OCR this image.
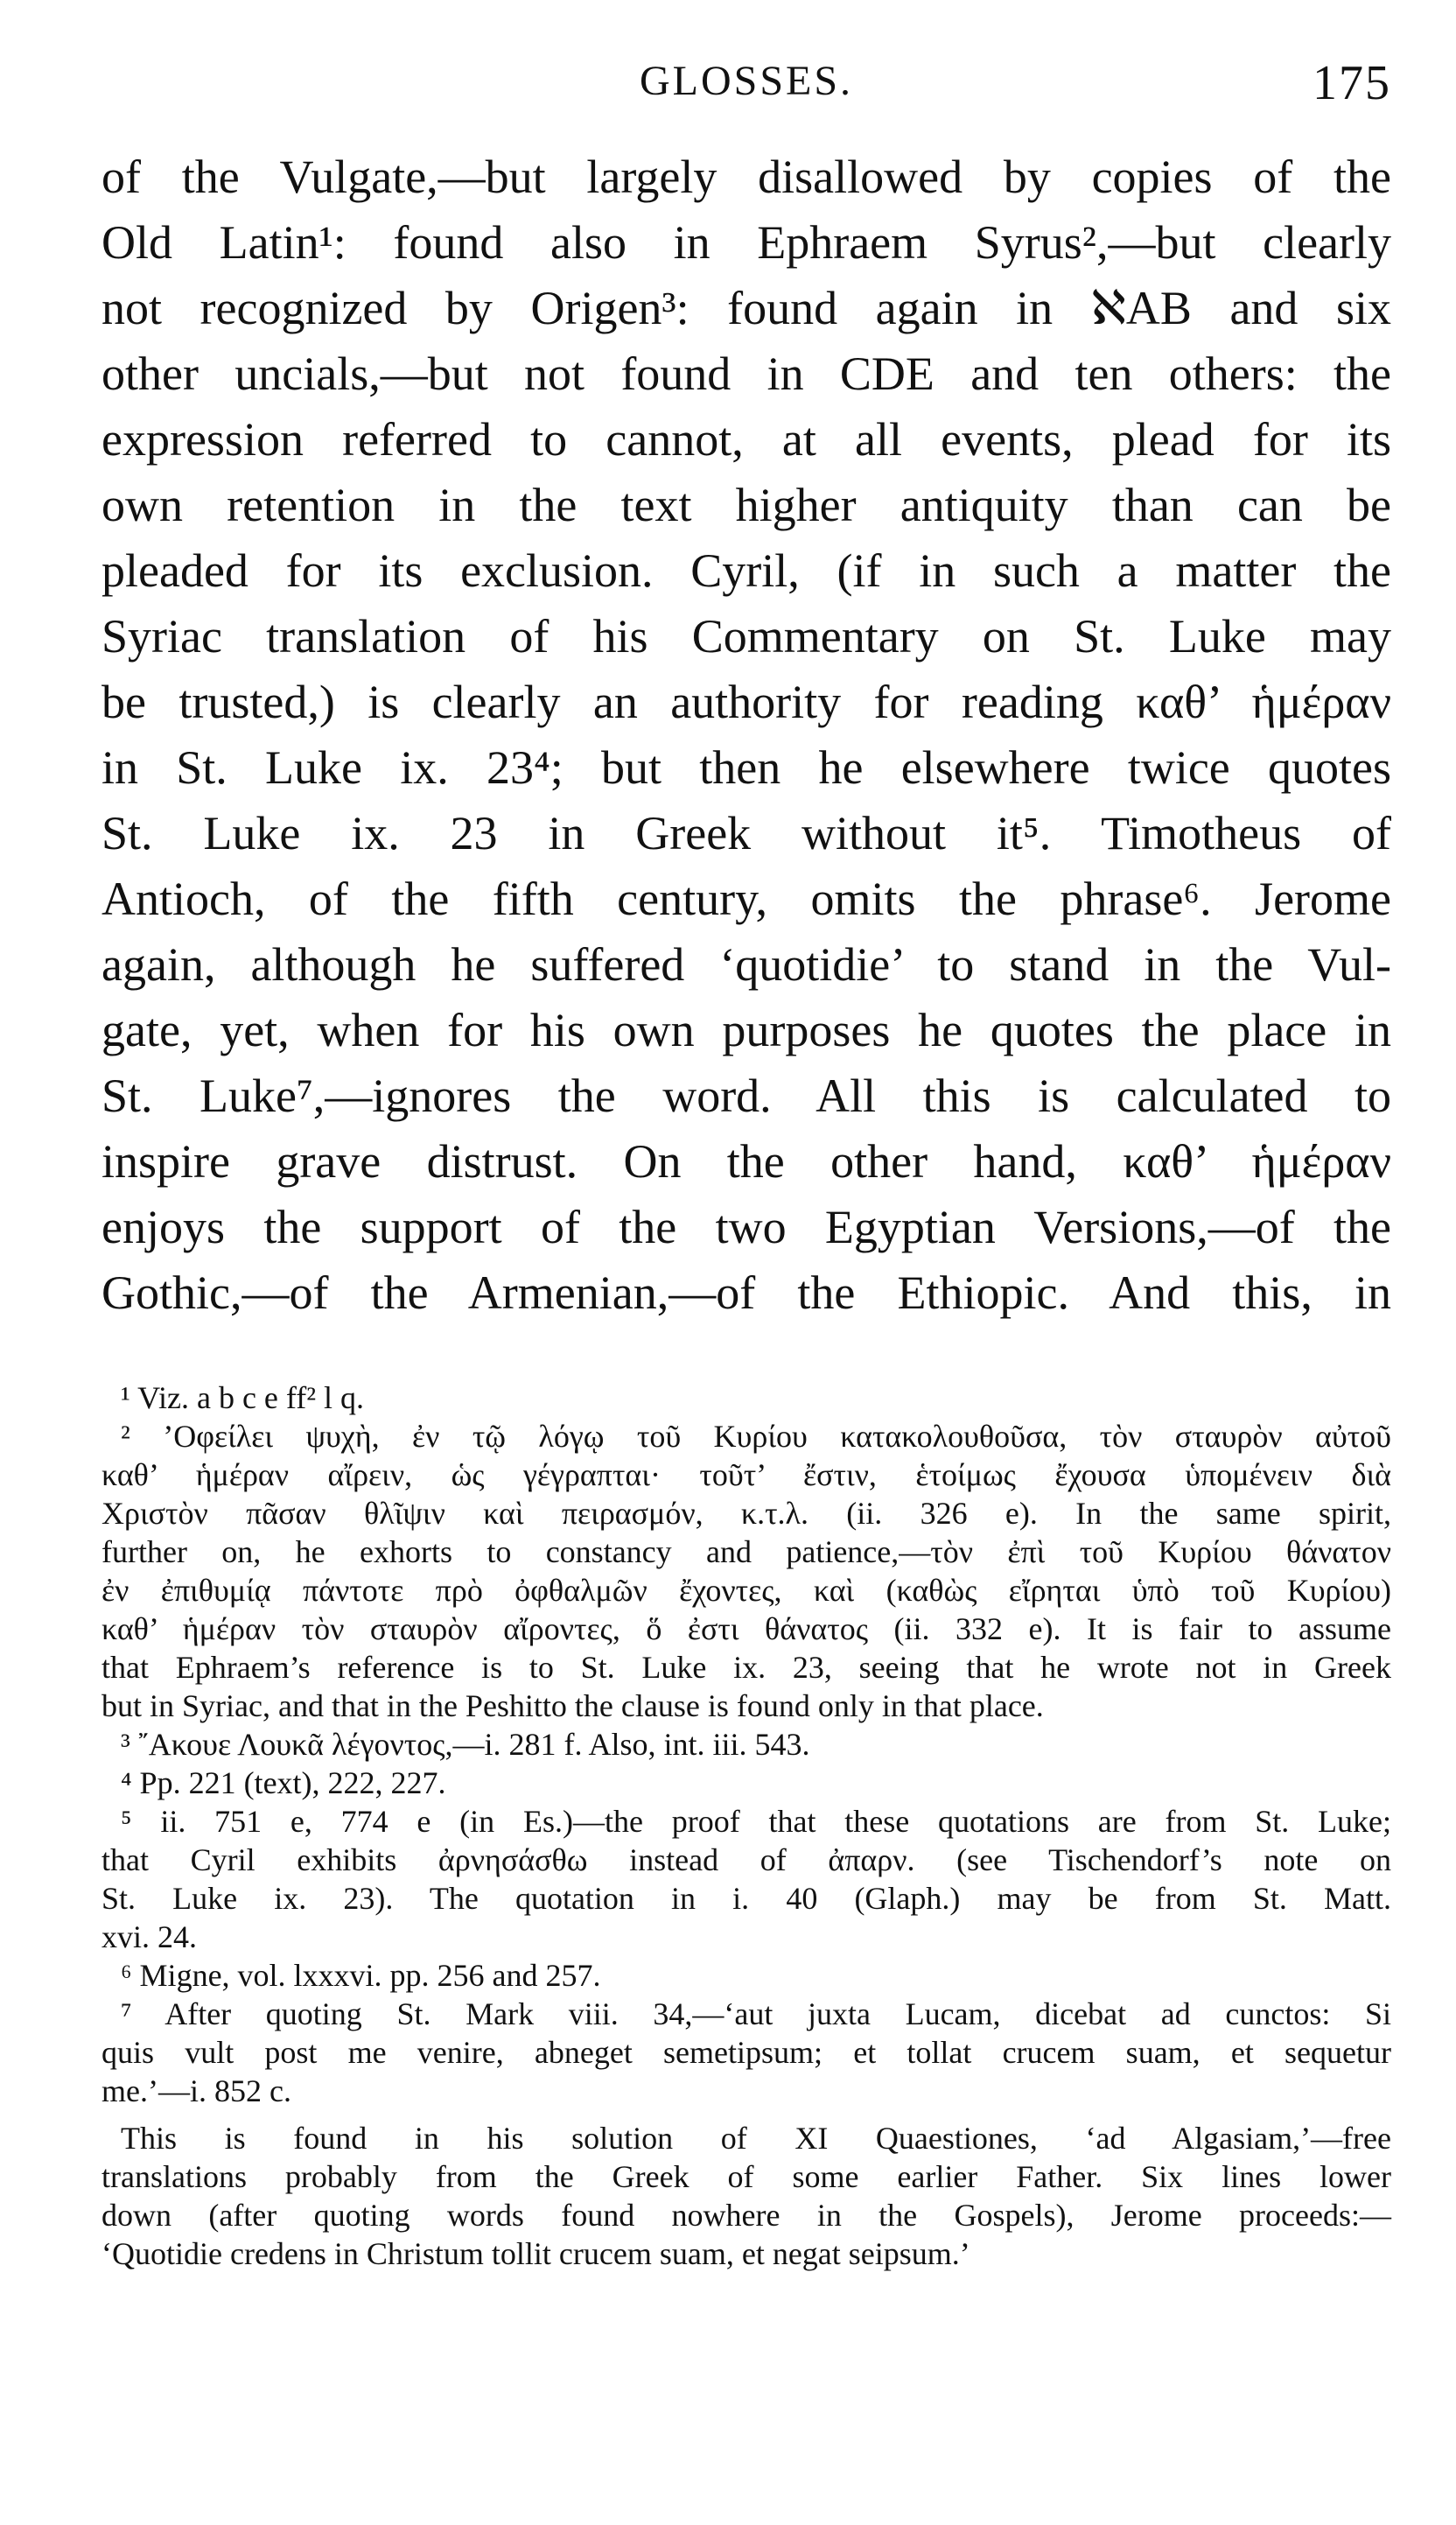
GLOSSES.	175
of the Vulgate,—but largely disallowed by copies of the
Old Latin¹: found also in Ephraem Syrus²,—but clearly
not recognized by Origen³: found again in ℵAB and six
other uncials,—but not found in CDE and ten others: the
expression referred to cannot, at all events, plead for its
own retention in the text higher antiquity than can be
pleaded for its exclusion. Cyril, (if in such a matter the
Syriac translation of his Commentary on St. Luke may
be trusted,) is clearly an authority for reading καθ’ ἡμέραν
in St. Luke ix. 23⁴; but then he elsewhere twice quotes
St. Luke ix. 23 in Greek without it⁵. Timotheus of
Antioch, of the fifth century, omits the phrase⁶. Jerome
again, although he suffered ‘quotidie’ to stand in the Vul-
gate, yet, when for his own purposes he quotes the place in
St. Luke⁷,—ignores the word. All this is calculated to
inspire grave distrust. On the other hand, καθ’ ἡμέραν
enjoys the support of the two Egyptian Versions,—of the
Gothic,—of the Armenian,—of the Ethiopic. And this, in
¹ Viz. a b c e ff² l q.
² ’Οφείλει ψυχὴ, ἐν τῷ λόγῳ τοῦ Κυρίου κατακολουθοῦσα, τὸν σταυρὸν αὐτοῦ
καθ’ ἡμέραν αἴρειν, ὡς γέγραπται· τοῦτ’ ἔστιν, ἑτοίμως ἔχουσα ὑπομένειν διὰ
Χριστὸν πᾶσαν θλῖψιν καὶ πειρασμόν, κ.τ.λ. (ii. 326 e). In the same spirit,
further on, he exhorts to constancy and patience,—τὸν ἐπὶ τοῦ Κυρίου θάνατον
ἐν ἐπιθυμίᾳ πάντοτε πρὸ ὀφθαλμῶν ἔχοντες, καὶ (καθὼς εἴρηται ὑπὸ τοῦ Κυρίου)
καθ’ ἡμέραν τὸν σταυρὸν αἴροντες, ὅ ἐστι θάνατος (ii. 332 e). It is fair to assume
that Ephraem’s reference is to St. Luke ix. 23, seeing that he wrote not in Greek
but in Syriac, and that in the Peshitto the clause is found only in that place.
³ ῎Ακουε Λουκᾶ λέγοντος,—i. 281 f. Also, int. iii. 543.
⁴ Pp. 221 (text), 222, 227.
⁵ ii. 751 e, 774 e (in Es.)—the proof that these quotations are from St. Luke;
that Cyril exhibits ἀρνησάσθω instead of ἀπαρν. (see Tischendorf’s note on
St. Luke ix. 23). The quotation in i. 40 (Glaph.) may be from St. Matt.
xvi. 24.
⁶ Migne, vol. lxxxvi. pp. 256 and 257.
⁷ After quoting St. Mark viii. 34,—‘aut juxta Lucam, dicebat ad cunctos: Si
quis vult post me venire, abneget semetipsum; et tollat crucem suam, et sequetur
me.’—i. 852 c.
This is found in his solution of XI Quaestiones, ‘ad Algasiam,’—free
translations probably from the Greek of some earlier Father. Six lines lower
down (after quoting words found nowhere in the Gospels), Jerome proceeds:—
‘Quotidie credens in Christum tollit crucem suam, et negat seipsum.’
